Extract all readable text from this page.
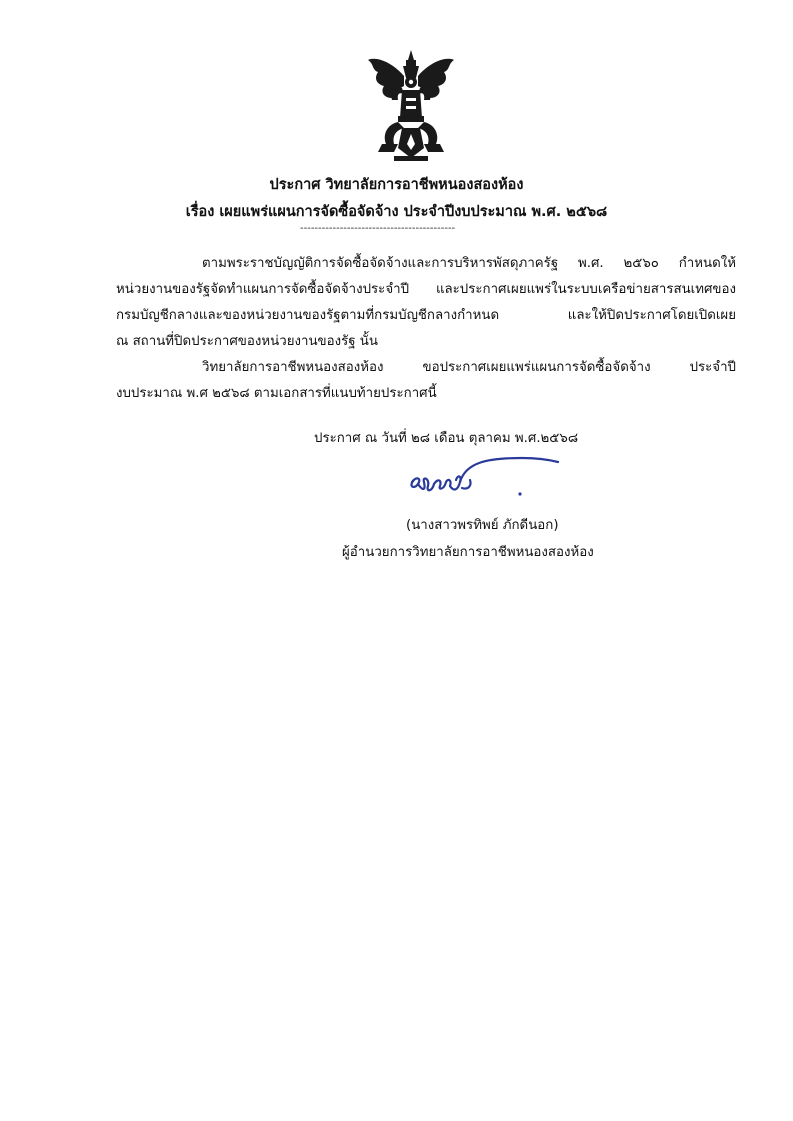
ประกาศ วิทยาลัยการอาชีพหนองสองห้อง
เรื่อง เผยแพร่แผนการจัดซื้อจัดจ้าง ประจำปีงบประมาณ พ.ศ. ๒๕๖๘
-------------------------------------------
ตามพระราชบัญญัติการจัดซื้อจัดจ้างและการบริหารพัสดุภาครัฐ พ.ศ. ๒๕๖๐ กำหนดให้
หน่วยงานของรัฐจัดทำแผนการจัดซื้อจัดจ้างประจำปี และประกาศเผยแพร่ในระบบเครือข่ายสารสนเทศของ
กรมบัญชีกลางและของหน่วยงานของรัฐตามที่กรมบัญชีกลางกำหนด และให้ปิดประกาศโดยเปิดเผย
ณ สถานที่ปิดประกาศของหน่วยงานของรัฐ นั้น
วิทยาลัยการอาชีพหนองสองห้อง ขอประกาศเผยแพร่แผนการจัดซื้อจัดจ้าง ประจำปี
งบประมาณ พ.ศ ๒๕๖๘ ตามเอกสารที่แนบท้ายประกาศนี้
ประกาศ ณ วันที่ ๒๘ เดือน ตุลาคม พ.ศ.๒๕๖๘
(นางสาวพรทิพย์ ภักดีนอก)
ผู้อำนวยการวิทยาลัยการอาชีพหนองสองห้อง
